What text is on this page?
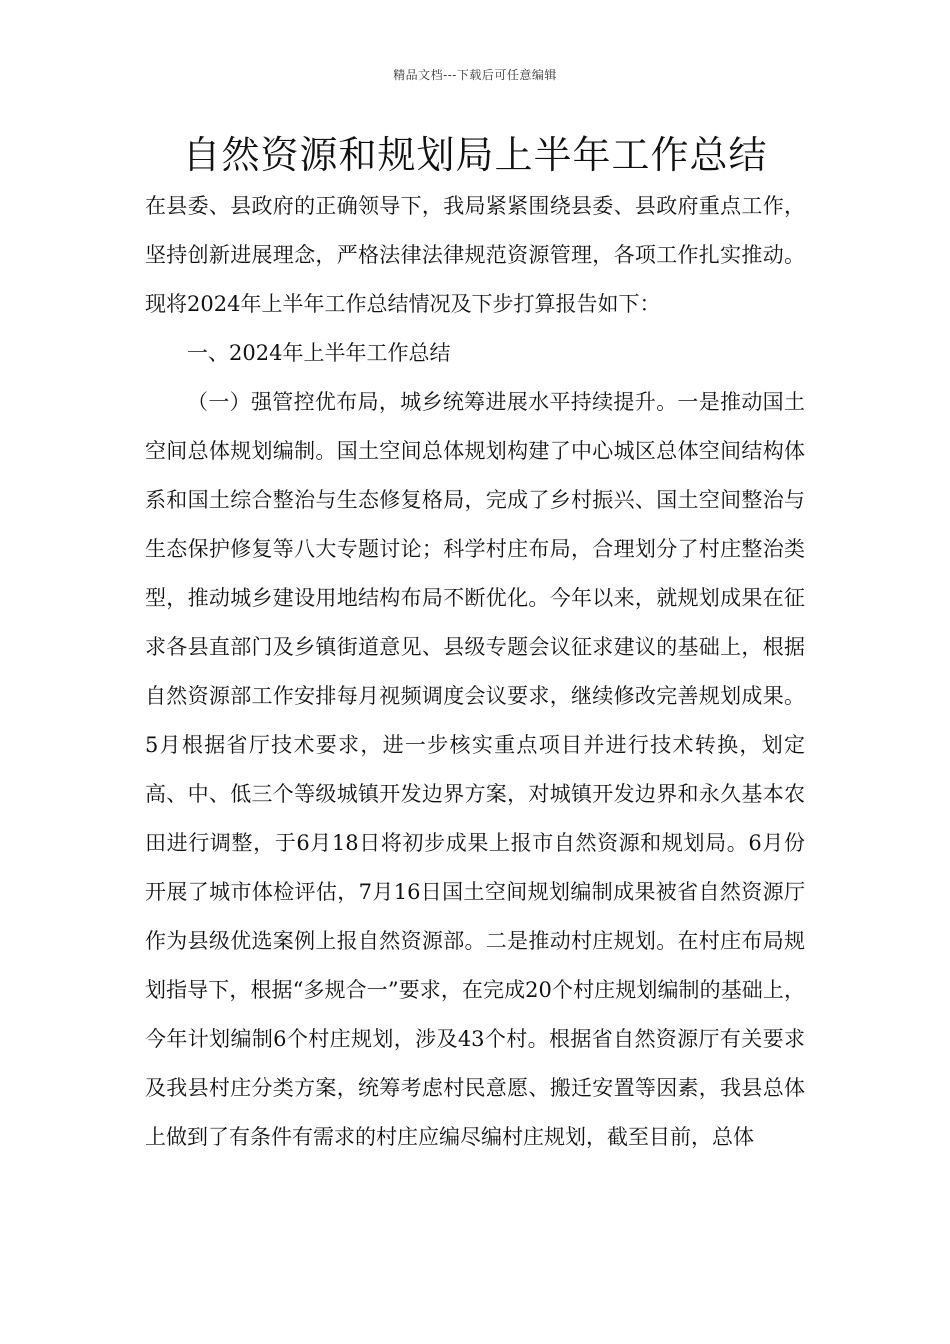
精品文档---下载后可任意编辑
自然资源和规划局上半年工作总结

在县委、县政府的正确领导下，我局紧紧围绕县委、县政府重点工作，坚持创新进展理念，严格法律法律规范资源管理，各项工作扎实推动。现将2024年上半年工作总结情况及下步打算报告如下：

一、2024年上半年工作总结

（一）强管控优布局，城乡统筹进展水平持续提升。一是推动国土空间总体规划编制。国土空间总体规划构建了中心城区总体空间结构体系和国土综合整治与生态修复格局，完成了乡村振兴、国土空间整治与生态保护修复等八大专题讨论；科学村庄布局，合理划分了村庄整治类型，推动城乡建设用地结构布局不断优化。今年以来，就规划成果在征求各县直部门及乡镇街道意见、县级专题会议征求建议的基础上，根据自然资源部工作安排每月视频调度会议要求，继续修改完善规划成果。5月根据省厅技术要求，进一步核实重点项目并进行技术转换，划定高、中、低三个等级城镇开发边界方案，对城镇开发边界和永久基本农田进行调整，于6月18日将初步成果上报市自然资源和规划局。6月份开展了城市体检评估，7月16日国土空间规划编制成果被省自然资源厅作为县级优选案例上报自然资源部。二是推动村庄规划。在村庄布局规划指导下，根据“多规合一”要求，在完成20个村庄规划编制的基础上，今年计划编制6个村庄规划，涉及43个村。根据省自然资源厅有关要求及我县村庄分类方案，统筹考虑村民意愿、搬迁安置等因素，我县总体上做到了有条件有需求的村庄应编尽编村庄规划，截至目前，总体
